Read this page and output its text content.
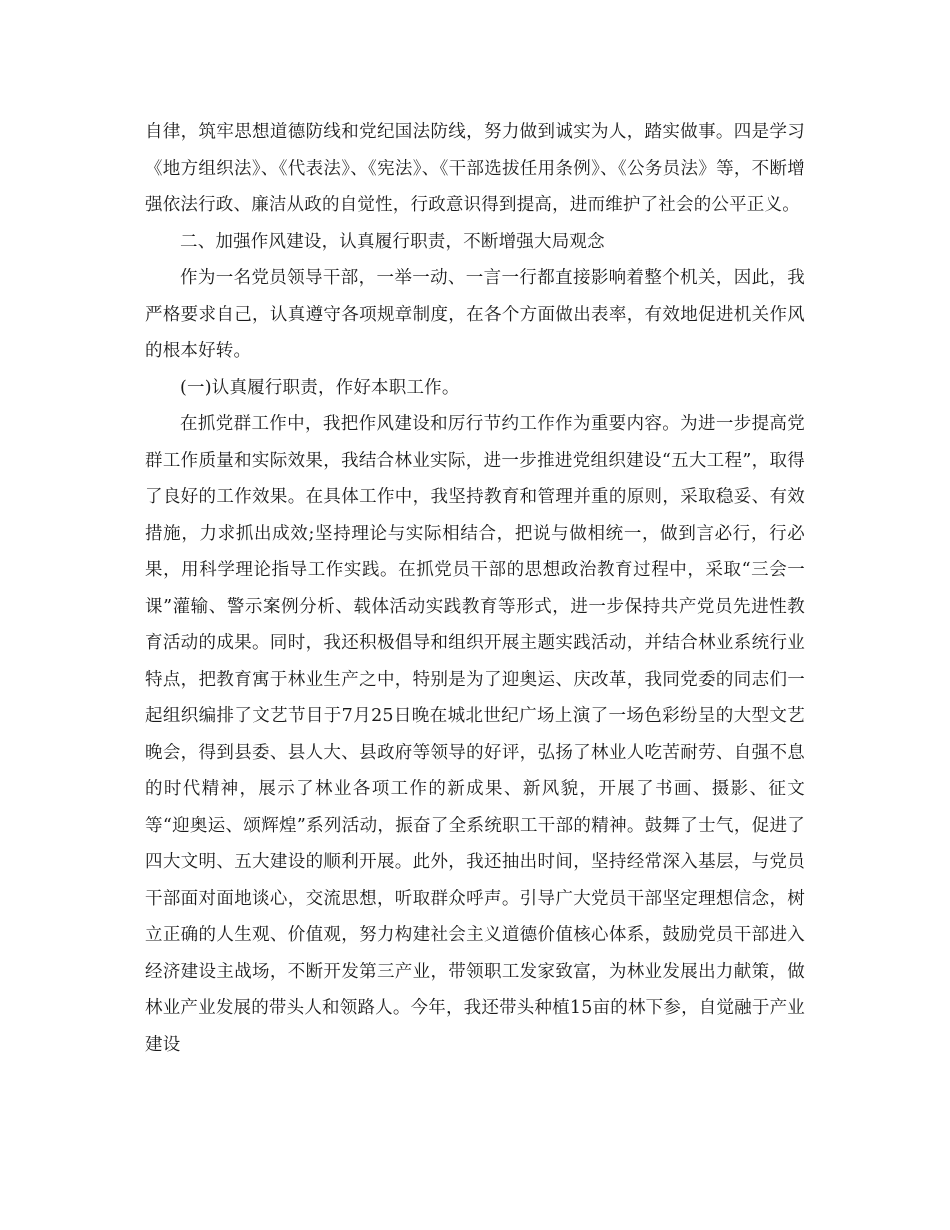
自律，筑牢思想道德防线和党纪国法防线，努力做到诚实为人，踏实做事。四是学习《地方组织法》、《代表法》、《宪法》、《干部选拔任用条例》、《公务员法》等，不断增强依法行政、廉洁从政的自觉性，行政意识得到提高，进而维护了社会的公平正义。

二、加强作风建设，认真履行职责，不断增强大局观念

作为一名党员领导干部，一举一动、一言一行都直接影响着整个机关，因此，我严格要求自己，认真遵守各项规章制度，在各个方面做出表率，有效地促进机关作风的根本好转。

(一)认真履行职责，作好本职工作。

在抓党群工作中，我把作风建设和厉行节约工作作为重要内容。为进一步提高党群工作质量和实际效果，我结合林业实际，进一步推进党组织建设“五大工程”，取得了良好的工作效果。在具体工作中，我坚持教育和管理并重的原则，采取稳妥、有效措施，力求抓出成效;坚持理论与实际相结合，把说与做相统一，做到言必行，行必果，用科学理论指导工作实践。在抓党员干部的思想政治教育过程中，采取“三会一课”灌输、警示案例分析、载体活动实践教育等形式，进一步保持共产党员先进性教育活动的成果。同时，我还积极倡导和组织开展主题实践活动，并结合林业系统行业特点，把教育寓于林业生产之中，特别是为了迎奥运、庆改革，我同党委的同志们一起组织编排了文艺节目于7月25日晚在城北世纪广场上演了一场色彩纷呈的大型文艺晚会，得到县委、县人大、县政府等领导的好评，弘扬了林业人吃苦耐劳、自强不息的时代精神，展示了林业各项工作的新成果、新风貌，开展了书画、摄影、征文等“迎奥运、颂辉煌”系列活动，振奋了全系统职工干部的精神。鼓舞了士气，促进了四大文明、五大建设的顺利开展。此外，我还抽出时间，坚持经常深入基层，与党员干部面对面地谈心，交流思想，听取群众呼声。引导广大党员干部坚定理想信念，树立正确的人生观、价值观，努力构建社会主义道德价值核心体系，鼓励党员干部进入经济建设主战场，不断开发第三产业，带领职工发家致富，为林业发展出力献策，做林业产业发展的带头人和领路人。今年，我还带头种植15亩的林下参，自觉融于产业建设
